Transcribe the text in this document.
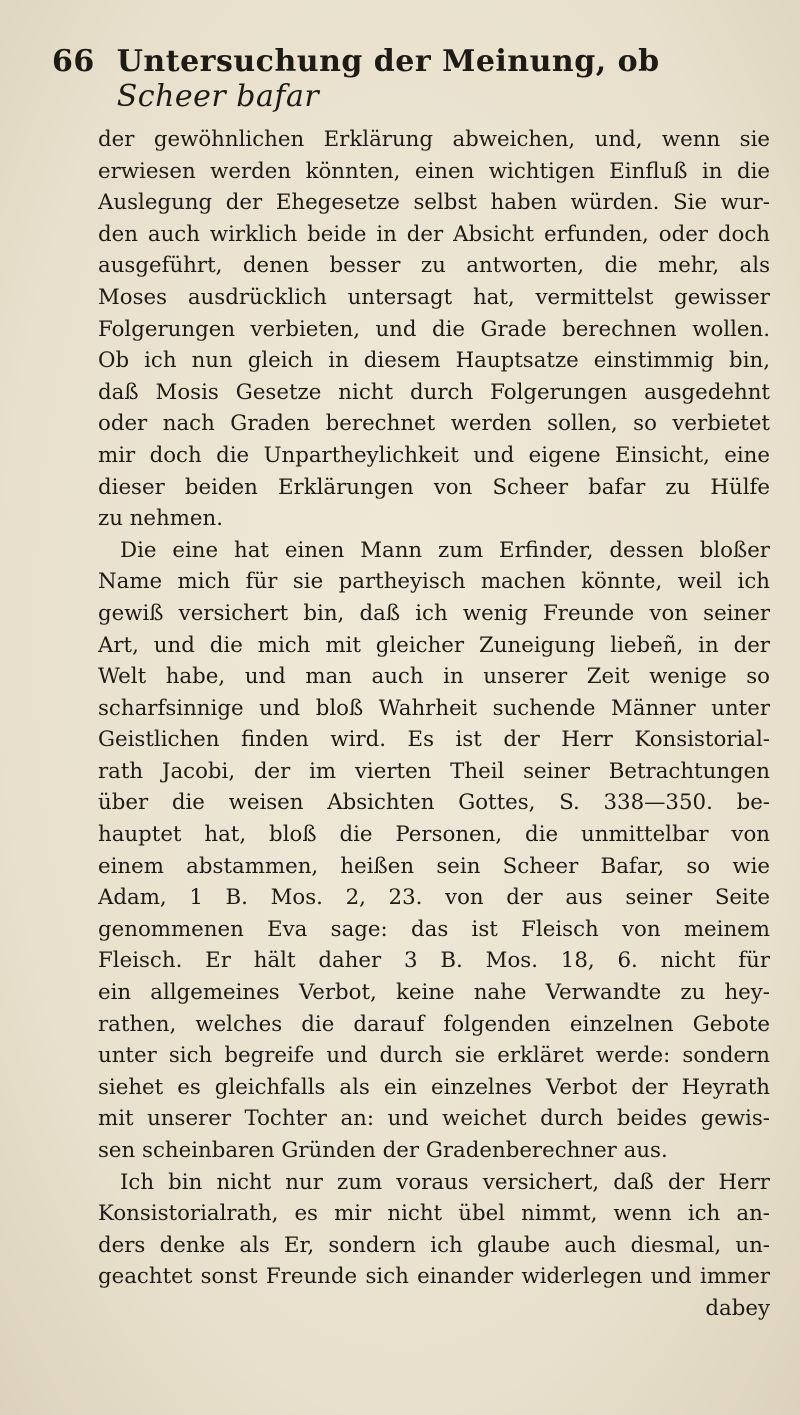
66 Untersuchung der Meinung, ob Scheer bafar
der gewöhnlichen Erklärung abweichen, und, wenn sie
erwiesen werden könnten, einen wichtigen Einfluß in die
Auslegung der Ehegesetze selbst haben würden. Sie wur-
den auch wirklich beide in der Absicht erfunden, oder doch
ausgeführt, denen besser zu antworten, die mehr, als
Moses ausdrücklich untersagt hat, vermittelst gewisser
Folgerungen verbieten, und die Grade berechnen wollen.
Ob ich nun gleich in diesem Hauptsatze einstimmig bin,
daß Mosis Gesetze nicht durch Folgerungen ausgedehnt
oder nach Graden berechnet werden sollen, so verbietet
mir doch die Unpartheylichkeit und eigene Einsicht, eine
dieser beiden Erklärungen von Scheer bafar zu Hülfe
zu nehmen.
Die eine hat einen Mann zum Erfinder, dessen bloßer
Name mich für sie partheyisch machen könnte, weil ich
gewiß versichert bin, daß ich wenig Freunde von seiner
Art, und die mich mit gleicher Zuneigung liebeñ, in der
Welt habe, und man auch in unserer Zeit wenige so
scharfsinnige und bloß Wahrheit suchende Männer unter
Geistlichen finden wird. Es ist der Herr Konsistorial-
rath Jacobi, der im vierten Theil seiner Betrachtungen
über die weisen Absichten Gottes, S. 338—350. be-
hauptet hat, bloß die Personen, die unmittelbar von
einem abstammen, heißen sein Scheer Bafar, so wie
Adam, 1 B. Mos. 2, 23. von der aus seiner Seite
genommenen Eva sage: das ist Fleisch von meinem
Fleisch. Er hält daher 3 B. Mos. 18, 6. nicht für
ein allgemeines Verbot, keine nahe Verwandte zu hey-
rathen, welches die darauf folgenden einzelnen Gebote
unter sich begreife und durch sie erkläret werde: sondern
siehet es gleichfalls als ein einzelnes Verbot der Heyrath
mit unserer Tochter an: und weichet durch beides gewis-
sen scheinbaren Gründen der Gradenberechner aus.
Ich bin nicht nur zum voraus versichert, daß der Herr
Konsistorialrath, es mir nicht übel nimmt, wenn ich an-
ders denke als Er, sondern ich glaube auch diesmal, un-
geachtet sonst Freunde sich einander widerlegen und immer
dabey
